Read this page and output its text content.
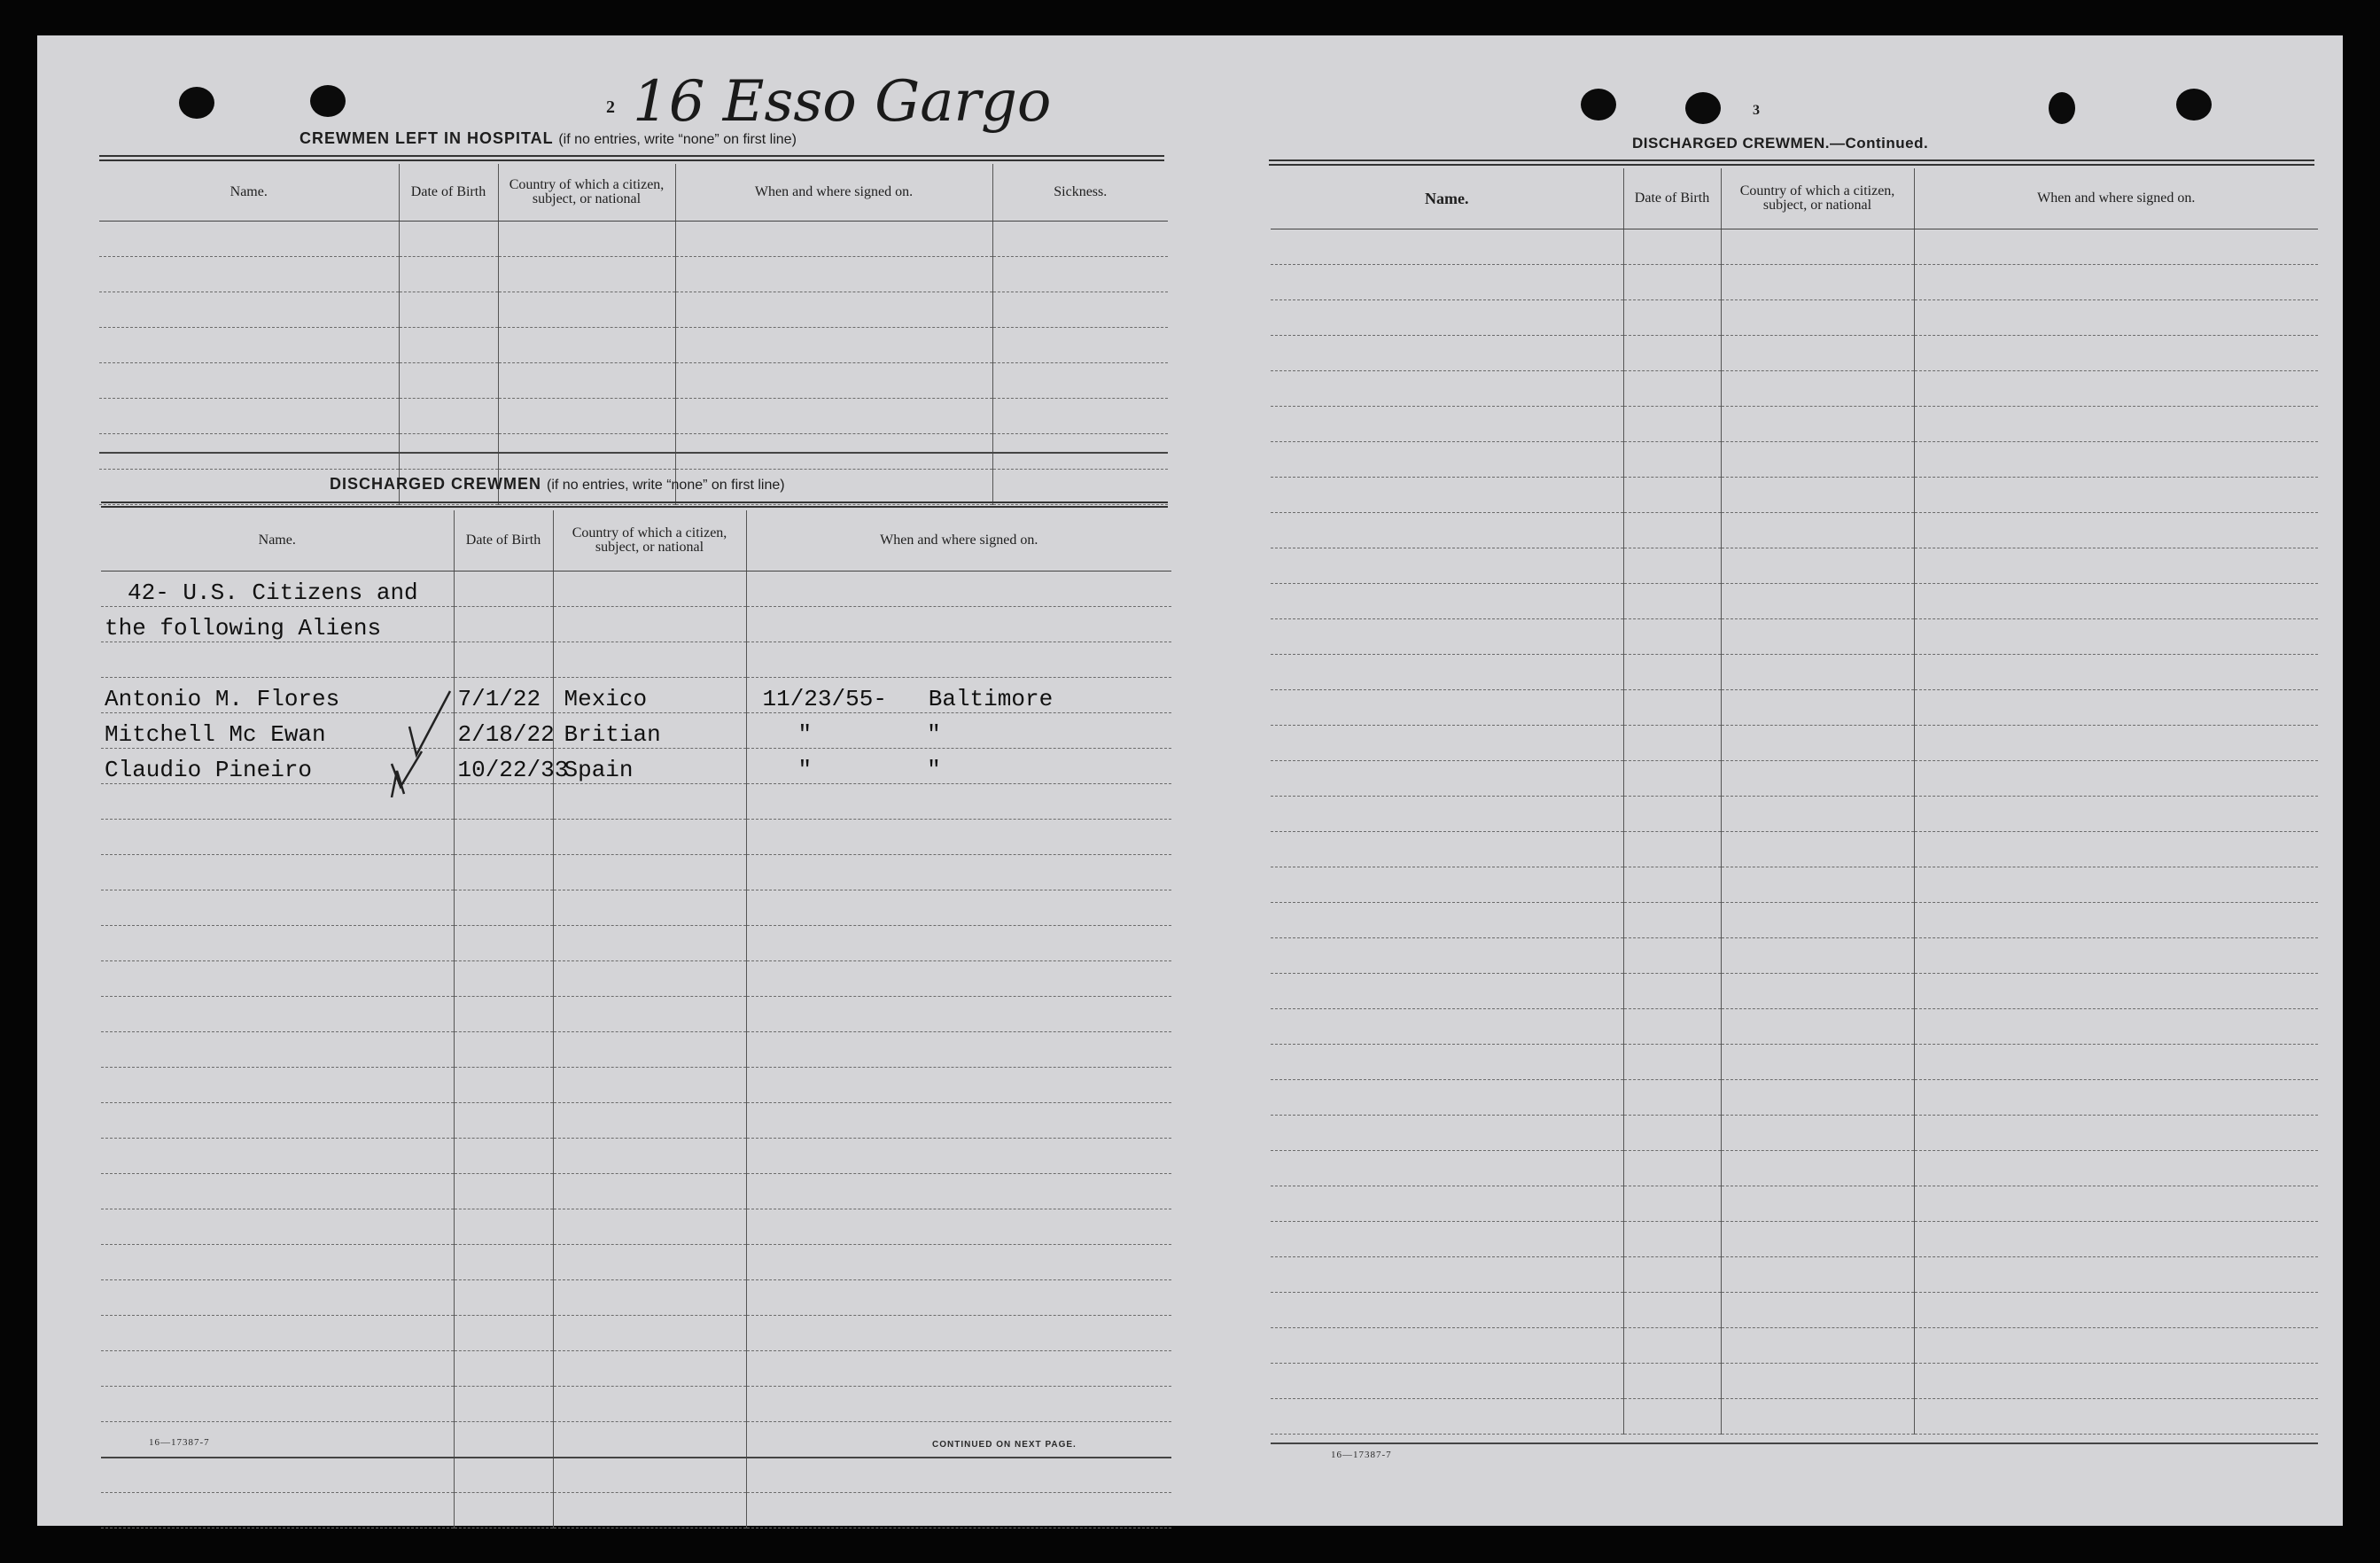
2 16 Esso Gargo
CREWMEN LEFT IN HOSPITAL (if no entries, write “none” on first line)
Name.	Date of Birth	Country of which a citizen, subject, or national	When and where signed on.	Sickness.

DISCHARGED CREWMEN (if no entries, write “none” on first line)
Name.	Date of Birth	Country of which a citizen, subject, or national	When and where signed on.
42- U.S. Citizens and			
the following Aliens			

Antonio M. Flores	7/1/22	Mexico	11/23/55- Baltimore
Mitchell Mc Ewan	2/18/22	Britian	" "
Claudio Pineiro	10/22/33	Spain	" "

16—17387-7	CONTINUED ON NEXT PAGE.
3
DISCHARGED CREWMEN.—Continued.
Name.	Date of Birth	Country of which a citizen, subject, or national	When and where signed on.

16—17387-7
